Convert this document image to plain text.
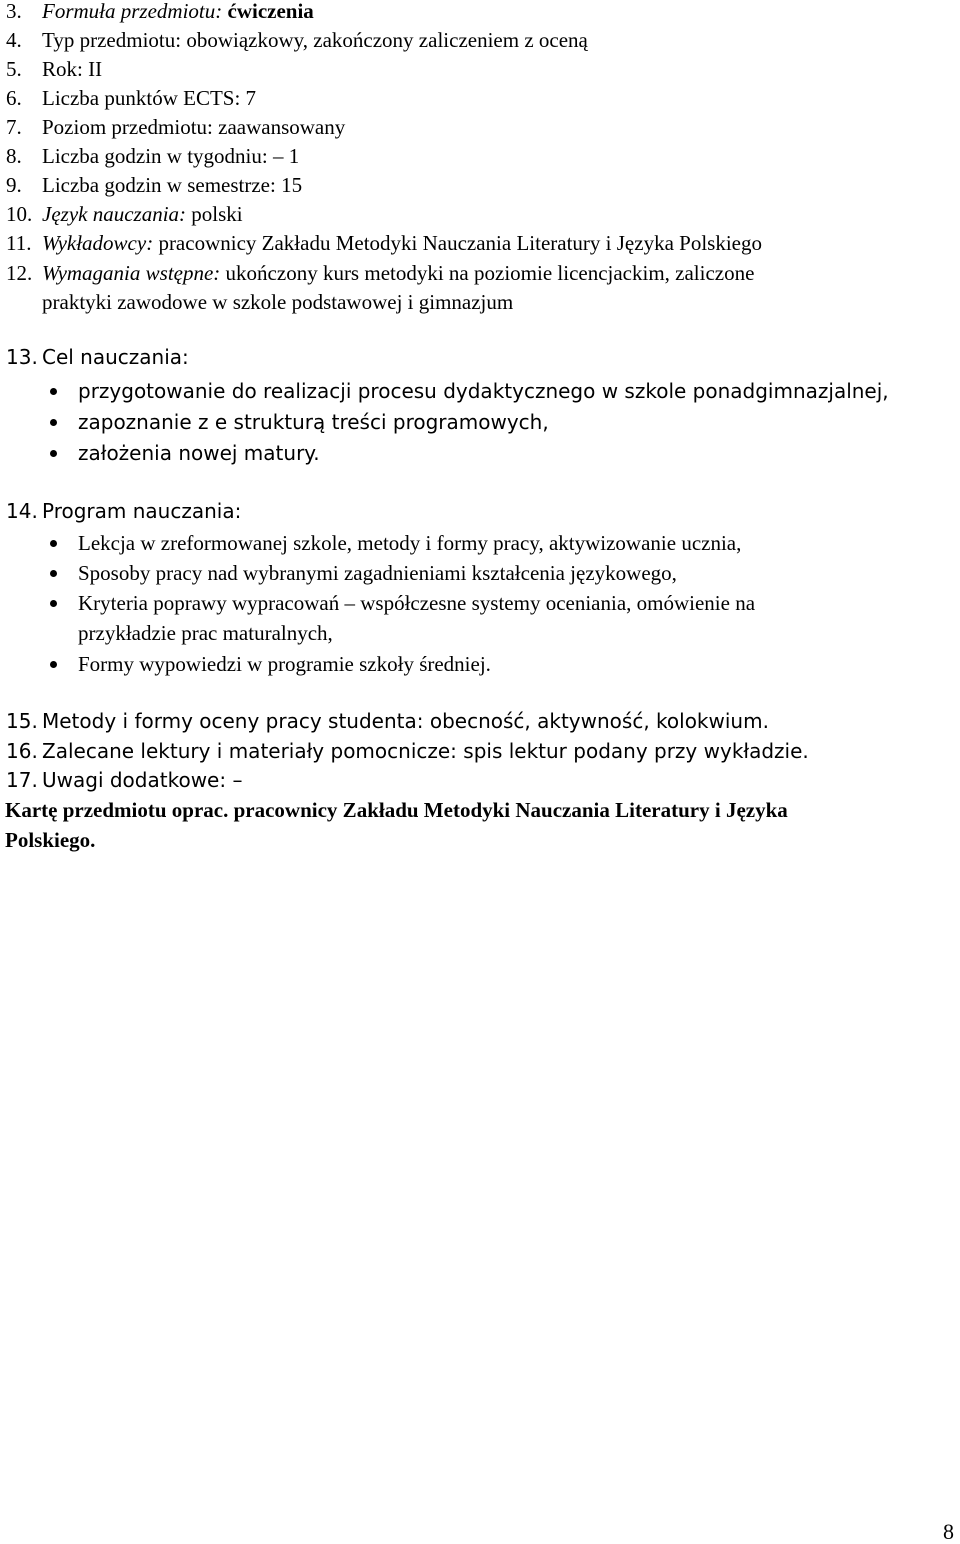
3. Formuła przedmiotu: ćwiczenia
4. Typ przedmiotu: obowiązkowy, zakończony zaliczeniem z oceną
5. Rok: II
6. Liczba punktów ECTS: 7
7. Poziom przedmiotu: zaawansowany
8. Liczba godzin w tygodniu: – 1
9. Liczba godzin w semestrze: 15
10. Język nauczania: polski
11. Wykładowcy: pracownicy Zakładu Metodyki Nauczania Literatury i Języka Polskiego
12. Wymagania wstępne: ukończony kurs metodyki na poziomie licencjackim, zaliczone
praktyki zawodowe w szkole podstawowej i gimnazjum
13. Cel nauczania:
przygotowanie do realizacji procesu dydaktycznego w szkole ponadgimnazjalnej,
zapoznanie z e strukturą treści programowych,
założenia nowej matury.
14. Program nauczania:
Lekcja w zreformowanej szkole, metody i formy pracy, aktywizowanie ucznia,
Sposoby pracy nad wybranymi zagadnieniami kształcenia językowego,
Kryteria poprawy wypracowań – współczesne systemy oceniania, omówienie na
przykładzie prac maturalnych,
Formy wypowiedzi w programie szkoły średniej.
15. Metody i formy oceny pracy studenta: obecność, aktywność, kolokwium.
16. Zalecane lektury i materiały pomocnicze: spis lektur podany przy wykładzie.
17. Uwagi dodatkowe: –
Kartę przedmiotu oprac. pracownicy Zakładu Metodyki Nauczania Literatury i Języka
Polskiego.
8
